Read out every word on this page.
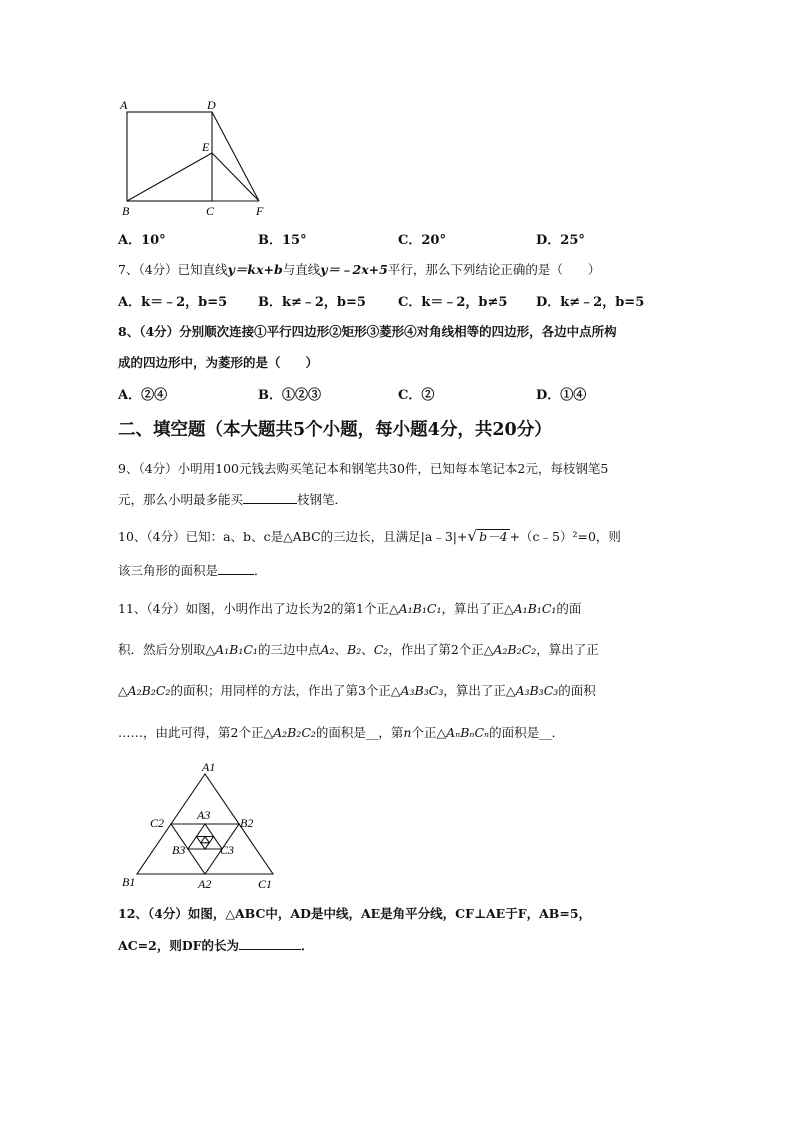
A	D
E
B	C	F
A．10°	B．15°	C．20°	D．25°
7、（4分）已知直线y＝kx+b与直线y＝﹣2x+5平行，那么下列结论正确的是（　　）
A．k＝﹣2，b=5 B．k≠﹣2，b=5 C．k＝﹣2，b≠5 D．k≠﹣2，b=5
8、（4分）分别顺次连接①平行四边形②矩形③菱形④对角线相等的四边形，各边中点所构
成的四边形中，为菱形的是（　　）
A．②④	B．①②③	C．②	D．①④
二、填空题（本大题共5个小题，每小题4分，共20分）
9、（4分）小明用100元钱去购买笔记本和钢笔共30件，已知每本笔记本2元，每枝钢笔5
元，那么小明最多能买	枝钢笔．
10、（4分）已知：a、b、c是△ABC的三边长，且满足|a﹣3|+√ b－4 +（c﹣5）²=0，则
该三角形的面积是	．
11、（4分）如图，小明作出了边长为2的第1个正△A₁B₁C₁，算出了正△A₁B₁C₁的面
积．然后分别取△A₁B₁C₁的三边中点A₂、B₂、C₂，作出了第2个正△A₂B₂C₂，算出了正
△A₂B₂C₂的面积；用同样的方法，作出了第3个正△A₃B₃C₃，算出了正△A₃B₃C₃的面积
……，由此可得，第2个正△A₂B₂C₂的面积是__，第n个正△AₙBₙCₙ的面积是__．
A1
A2
A3
B1
B2
B3
C1
C2
C3
12、（4分）如图，△ABC中，AD是中线，AE是角平分线，CF⊥AE于F，AB=5，
AC=2，则DF的长为	．
